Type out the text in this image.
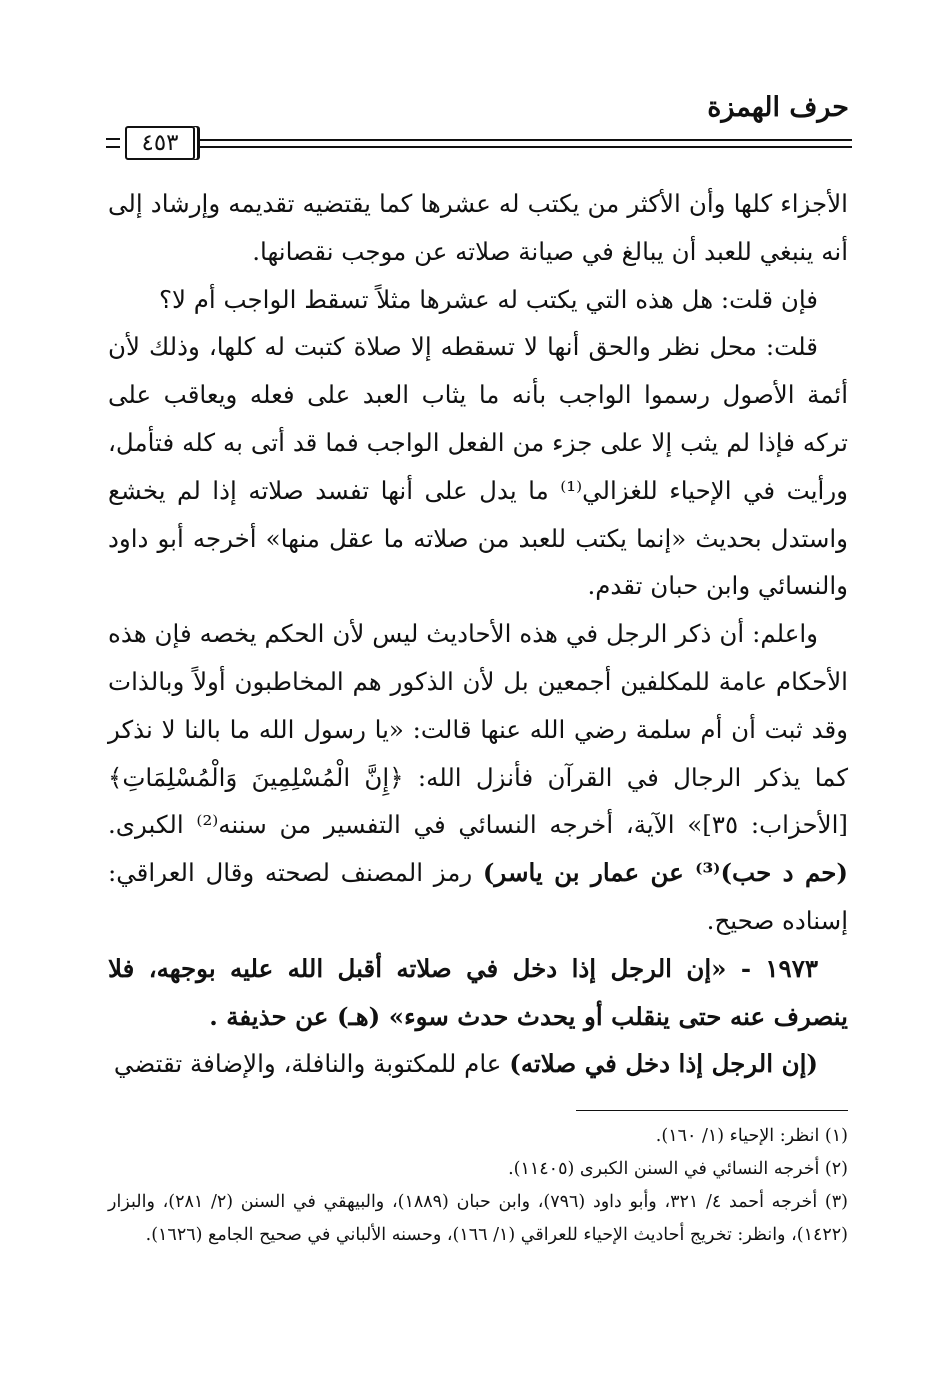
حرف الهمزة
٤٥٣

الأجزاء كلها وأن الأكثر من يكتب له عشرها كما يقتضيه تقديمه وإرشاد إلى أنه ينبغي للعبد أن يبالغ في صيانة صلاته عن موجب نقصانها.

فإن قلت: هل هذه التي يكتب له عشرها مثلاً تسقط الواجب أم لا؟

قلت: محل نظر والحق أنها لا تسقطه إلا صلاة كتبت له كلها، وذلك لأن أئمة الأصول رسموا الواجب بأنه ما يثاب العبد على فعله ويعاقب على تركه فإذا لم يثب إلا على جزء من الفعل الواجب فما قد أتى به كله فتأمل، ورأيت في الإحياء للغزالي⁽¹⁾ ما يدل على أنها تفسد صلاته إذا لم يخشع واستدل بحديث «إنما يكتب للعبد من صلاته ما عقل منها» أخرجه أبو داود والنسائي وابن حبان تقدم.

واعلم: أن ذكر الرجل في هذه الأحاديث ليس لأن الحكم يخصه فإن هذه الأحكام عامة للمكلفين أجمعين بل لأن الذكور هم المخاطبون أولاً وبالذات وقد ثبت أن أم سلمة رضي الله عنها قالت: «يا رسول الله ما بالنا لا نذكر كما يذكر الرجال في القرآن فأنزل الله: ﴿إِنَّ الْمُسْلِمِينَ وَالْمُسْلِمَاتِ﴾ [الأحزاب: ٣٥]» الآية، أخرجه النسائي في التفسير من سننه⁽²⁾ الكبرى. (حم د حب)⁽³⁾ عن عمار بن ياسر) رمز المصنف لصحته وقال العراقي: إسناده صحيح.

١٩٧٣ - «إن الرجل إذا دخل في صلاته أقبل الله عليه بوجهه، فلا ينصرف عنه حتى ينقلب أو يحدث حدث سوء» (هـ) عن حذيفة .

(إن الرجل إذا دخل في صلاته) عام للمكتوبة والنافلة، والإضافة تقتضي

(١) انظر: الإحياء (١/ ١٦٠).

(٢) أخرجه النسائي في السنن الكبرى (١١٤٠٥).

(٣) أخرجه أحمد ٤/ ٣٢١، وأبو داود (٧٩٦)، وابن حبان (١٨٨٩)، والبيهقي في السنن (٢/ ٢٨١)، والبزار (١٤٢٢)، وانظر: تخريج أحاديث الإحياء للعراقي (١/ ١٦٦)، وحسنه الألباني في صحيح الجامع (١٦٢٦).
